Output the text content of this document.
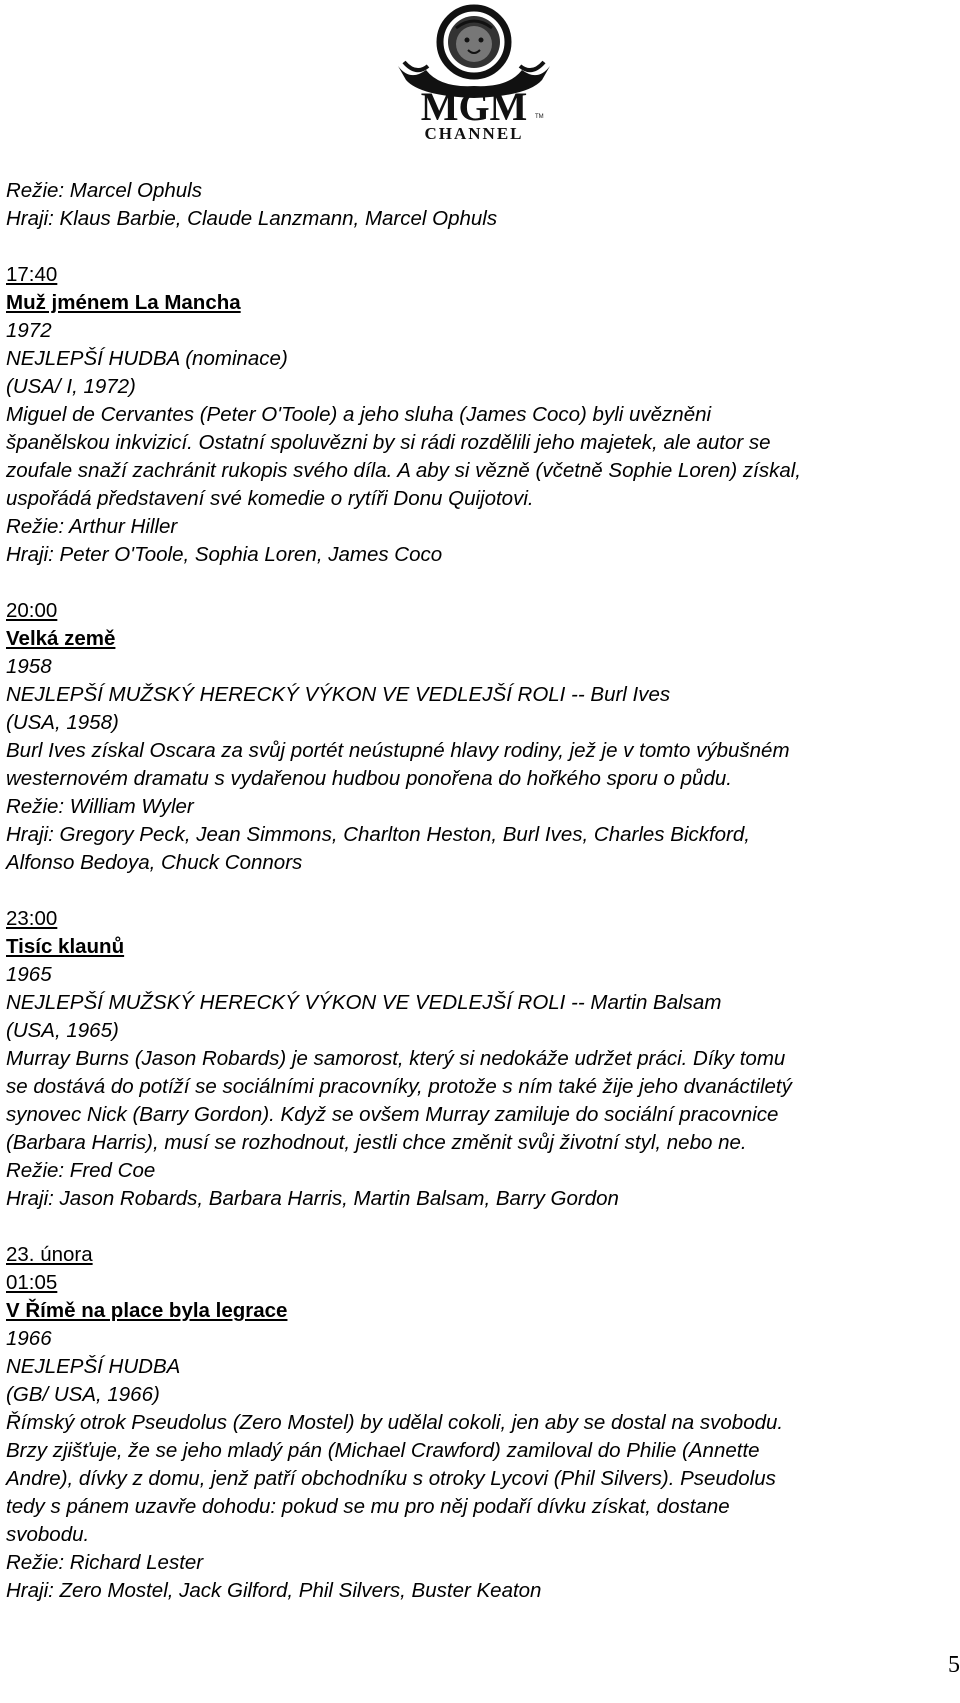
MGM TM
CHANNEL
Režie: Marcel Ophuls
Hraji: Klaus Barbie, Claude Lanzmann, Marcel Ophuls
17:40
Muž jménem La Mancha
1972
NEJLEPŠÍ HUDBA (nominace)
(USA/ I, 1972)
Miguel de Cervantes (Peter O'Toole) a jeho sluha (James Coco) byli uvězněni
španělskou inkvizicí. Ostatní spoluvězni by si rádi rozdělili jeho majetek, ale autor se
zoufale snaží zachránit rukopis svého díla. A aby si vězně (včetně Sophie Loren) získal,
uspořádá představení své komedie o rytíři Donu Quijotovi.
Režie: Arthur Hiller
Hraji: Peter O'Toole, Sophia Loren, James Coco
20:00
Velká země
1958
NEJLEPŠÍ MUŽSKÝ HERECKÝ VÝKON VE VEDLEJŠÍ ROLI -- Burl Ives
(USA, 1958)
Burl Ives získal Oscara za svůj portét neústupné hlavy rodiny, jež je v tomto výbušném
westernovém dramatu s vydařenou hudbou ponořena do hořkého sporu o půdu.
Režie: William Wyler
Hraji: Gregory Peck, Jean Simmons, Charlton Heston, Burl Ives, Charles Bickford,
Alfonso Bedoya, Chuck Connors
23:00
Tisíc klaunů
1965
NEJLEPŠÍ MUŽSKÝ HERECKÝ VÝKON VE VEDLEJŠÍ ROLI -- Martin Balsam
(USA, 1965)
Murray Burns (Jason Robards) je samorost, který si nedokáže udržet práci. Díky tomu
se dostává do potíží se sociálními pracovníky, protože s ním také žije jeho dvanáctiletý
synovec Nick (Barry Gordon). Když se ovšem Murray zamiluje do sociální pracovnice
(Barbara Harris), musí se rozhodnout, jestli chce změnit svůj životní styl, nebo ne.
Režie: Fred Coe
Hraji: Jason Robards, Barbara Harris, Martin Balsam, Barry Gordon
23. února
01:05
V Římě na place byla legrace
1966
NEJLEPŠÍ HUDBA
(GB/ USA, 1966)
Římský otrok Pseudolus (Zero Mostel) by udělal cokoli, jen aby se dostal na svobodu.
Brzy zjišťuje, že se jeho mladý pán (Michael Crawford) zamiloval do Philie (Annette
Andre), dívky z domu, jenž patří obchodníku s otroky Lycovi (Phil Silvers). Pseudolus
tedy s pánem uzavře dohodu: pokud se mu pro něj podaří dívku získat, dostane
svobodu.
Režie: Richard Lester
Hraji: Zero Mostel, Jack Gilford, Phil Silvers, Buster Keaton
5
